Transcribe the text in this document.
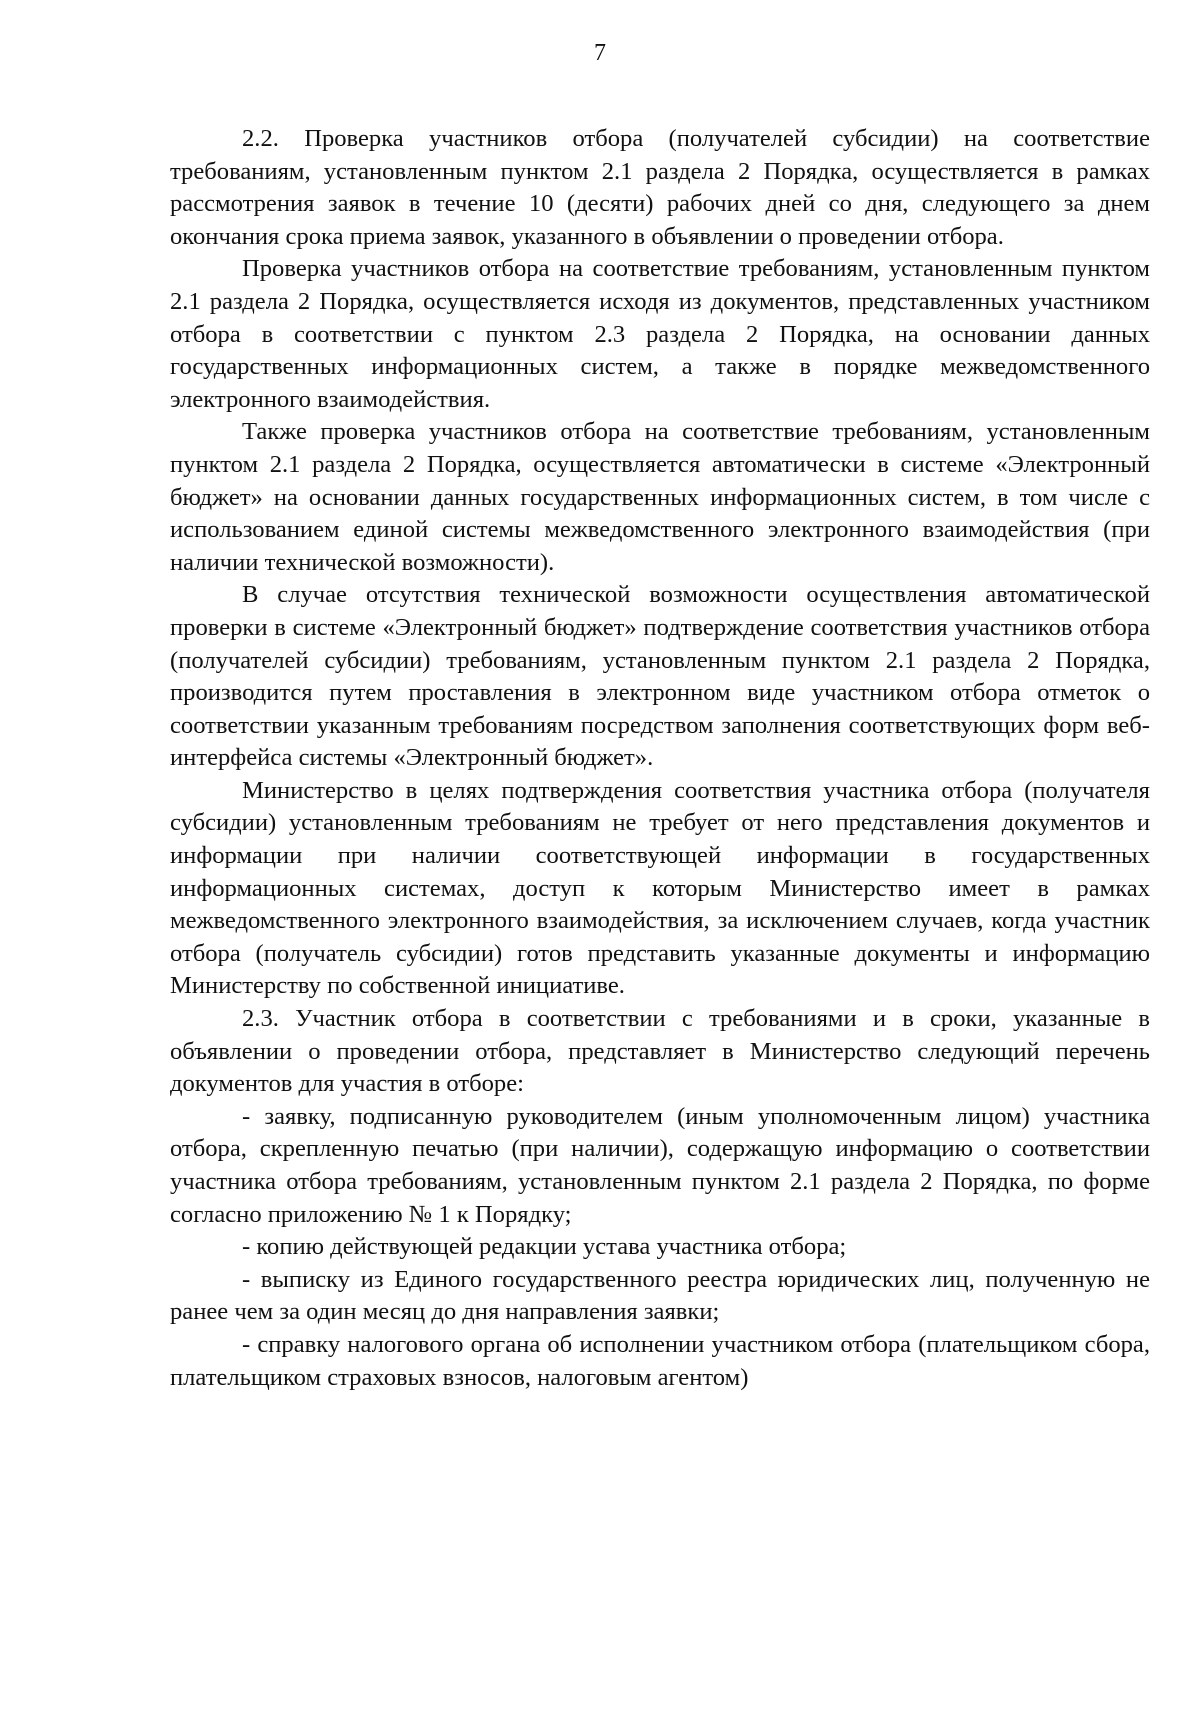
7

2.2. Проверка участников отбора (получателей субсидии) на соответствие требованиям, установленным пунктом 2.1 раздела 2 Порядка, осуществляется в рамках рассмотрения заявок в течение 10 (десяти) рабочих дней со дня, следующего за днем окончания срока приема заявок, указанного в объявлении о проведении отбора.

Проверка участников отбора на соответствие требованиям, установленным пунктом 2.1 раздела 2 Порядка, осуществляется исходя из документов, представленных участником отбора в соответствии с пунктом 2.3 раздела 2 Порядка, на основании данных государственных информационных систем, а также в порядке межведомственного электронного взаимодействия.

Также проверка участников отбора на соответствие требованиям, установленным пунктом 2.1 раздела 2 Порядка, осуществляется автоматически в системе «Электронный бюджет» на основании данных государственных информационных систем, в том числе с использованием единой системы межведомственного электронного взаимодействия (при наличии технической возможности).

В случае отсутствия технической возможности осуществления автоматической проверки в системе «Электронный бюджет» подтверждение соответствия участников отбора (получателей субсидии) требованиям, установленным пунктом 2.1 раздела 2 Порядка, производится путем проставления в электронном виде участником отбора отметок о соответствии указанным требованиям посредством заполнения соответствующих форм веб-интерфейса системы «Электронный бюджет».

Министерство в целях подтверждения соответствия участника отбора (получателя субсидии) установленным требованиям не требует от него представления документов и информации при наличии соответствующей информации в государственных информационных системах, доступ к которым Министерство имеет в рамках межведомственного электронного взаимодействия, за исключением случаев, когда участник отбора (получатель субсидии) готов представить указанные документы и информацию Министерству по собственной инициативе.

2.3. Участник отбора в соответствии с требованиями и в сроки, указанные в объявлении о проведении отбора, представляет в Министерство следующий перечень документов для участия в отборе:

- заявку, подписанную руководителем (иным уполномоченным лицом) участника отбора, скрепленную печатью (при наличии), содержащую информацию о соответствии участника отбора требованиям, установленным пунктом 2.1 раздела 2 Порядка, по форме согласно приложению № 1 к Порядку;

- копию действующей редакции устава участника отбора;

- выписку из Единого государственного реестра юридических лиц, полученную не ранее чем за один месяц до дня направления заявки;

- справку налогового органа об исполнении участником отбора (плательщиком сбора, плательщиком страховых взносов, налоговым агентом)
